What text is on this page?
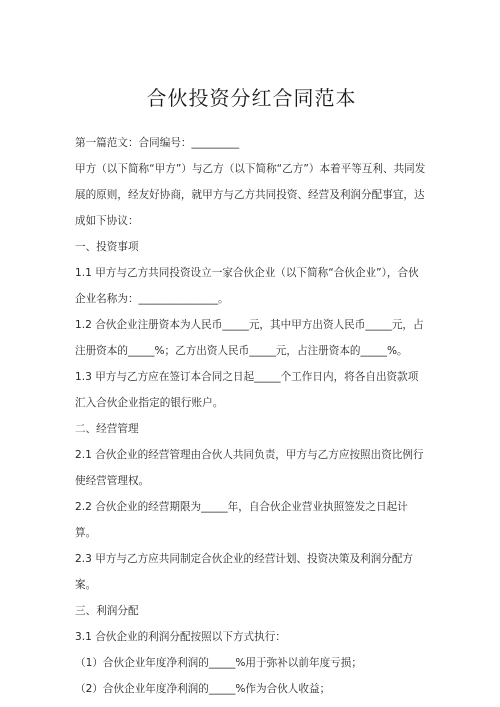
合伙投资分红合同范本

第一篇范文：合同编号：_________

甲方（以下简称“甲方”）与乙方（以下简称“乙方”）本着平等互利、共同发展的原则，经友好协商，就甲方与乙方共同投资、经营及利润分配事宜，达成如下协议：

一、投资事项

1.1 甲方与乙方共同投资设立一家合伙企业（以下简称“合伙企业”），合伙企业名称为：_______________。

1.2 合伙企业注册资本为人民币_____元，其中甲方出资人民币_____元，占注册资本的_____%；乙方出资人民币_____元，占注册资本的_____%。

1.3 甲方与乙方应在签订本合同之日起_____个工作日内，将各自出资款项汇入合伙企业指定的银行账户。

二、经营管理

2.1 合伙企业的经营管理由合伙人共同负责，甲方与乙方应按照出资比例行使经营管理权。

2.2 合伙企业的经营期限为_____年，自合伙企业营业执照签发之日起计算。

2.3 甲方与乙方应共同制定合伙企业的经营计划、投资决策及利润分配方案。

三、利润分配

3.1 合伙企业的利润分配按照以下方式执行：

（1）合伙企业年度净利润的_____%用于弥补以前年度亏损；

（2）合伙企业年度净利润的_____%作为合伙人收益；
